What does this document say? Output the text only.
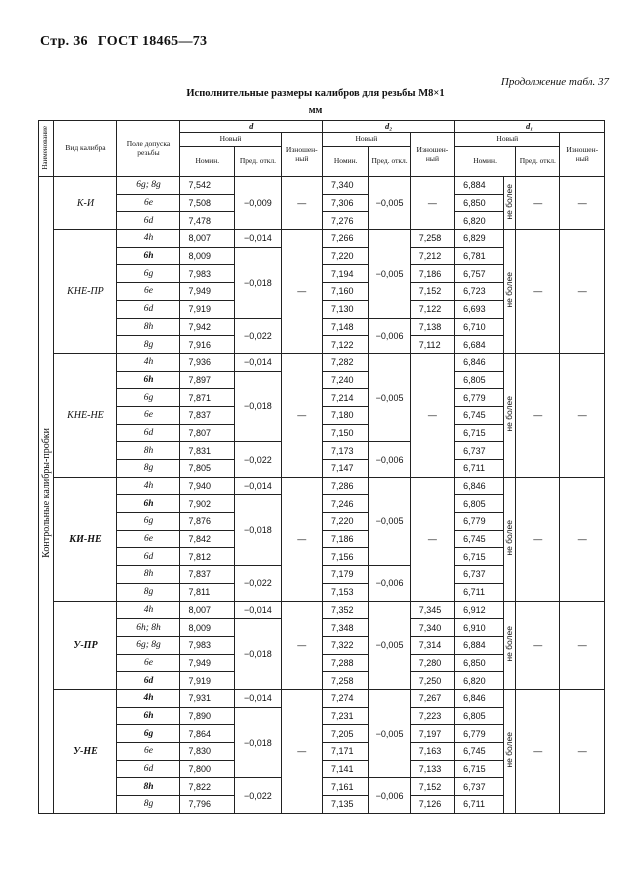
Стр. 36 ГОСТ 18465—73
Продолжение табл. 37
Исполнительные размеры калибров для резьбы М8×1
мм
Наименование	Вид калибра	Поле допуска резьбы	d			d₂			d₁			
			Новый		Изношен-ный	Новый		Изношен-ный	Новый			Изношен-ный
			Номин.	Пред. откл.		Номин.	Пред. откл.		Номин.		Пред. откл.	
Контрольные калибры-пробки	К-И	6g; 8g	7,542	−0,009	—	7,340	−0,005	—	6,884	не более	—	—
		6e	7,508			7,306			6,850			
		6d	7,478			7,276			6,820			
	КНЕ-ПР	4h	8,007	−0,014	—	7,266	−0,005	7,258	6,829	не более	—	—
		6h	8,009	−0,018		7,220		7,212	6,781			
		6g	7,983			7,194		7,186	6,757			
		6e	7,949			7,160		7,152	6,723			
		6d	7,919			7,130		7,122	6,693			
		8h	7,942	−0,022		7,148	−0,006	7,138	6,710			
		8g	7,916			7,122		7,112	6,684			
	КНЕ-НЕ	4h	7,936	−0,014	—	7,282	−0,005	—	6,846	не более	—	—
		6h	7,897	−0,018		7,240			6,805			
		6g	7,871			7,214			6,779			
		6e	7,837			7,180			6,745			
		6d	7,807			7,150			6,715			
		8h	7,831	−0,022		7,173	−0,006		6,737			
		8g	7,805			7,147			6,711			
	КИ-НЕ	4h	7,940	−0,014	—	7,286	−0,005	—	6,846	не более	—	—
		6h	7,902	−0,018		7,246			6,805			
		6g	7,876			7,220			6,779			
		6e	7,842			7,186			6,745			
		6d	7,812			7,156			6,715			
		8h	7,837	−0,022		7,179	−0,006		6,737			
		8g	7,811			7,153			6,711			
	У-ПР	4h	8,007	−0,014	—	7,352	−0,005	7,345	6,912	не более	—	—
		6h; 8h	8,009	−0,018		7,348		7,340	6,910			
		6g; 8g	7,983			7,322		7,314	6,884			
		6e	7,949			7,288		7,280	6,850			
		6d	7,919			7,258		7,250	6,820			
	У-НЕ	4h	7,931	−0,014	—	7,274	−0,005	7,267	6,846	не более	—	—
		6h	7,890	−0,018		7,231		7,223	6,805			
		6g	7,864			7,205		7,197	6,779			
		6e	7,830			7,171		7,163	6,745			
		6d	7,800			7,141		7,133	6,715			
		8h	7,822	−0,022		7,161	−0,006	7,152	6,737			
		8g	7,796			7,135		7,126	6,711			
